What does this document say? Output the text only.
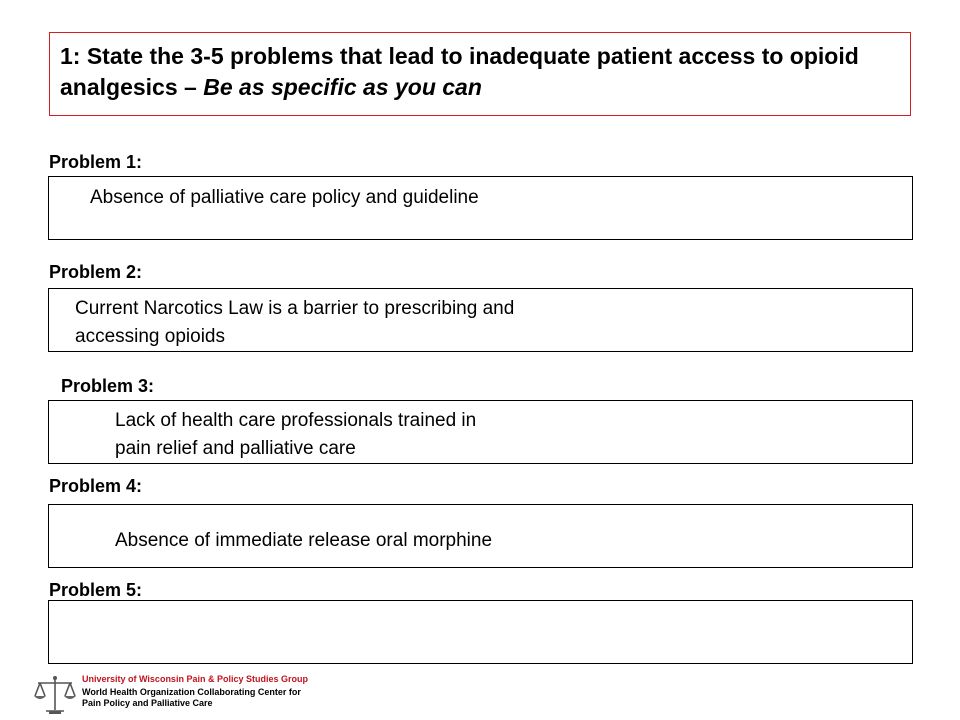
1: State the 3-5 problems that lead to inadequate patient access to opioid analgesics – Be as specific as you can
Problem 1:
Absence of palliative care policy and guideline
Problem 2:
Current Narcotics Law is a barrier to prescribing and
accessing opioids
Problem 3:
Lack of health care professionals trained in
pain relief and palliative care
Problem 4:
Absence of immediate release oral morphine
Problem 5:
University of Wisconsin Pain & Policy Studies Group
World Health Organization Collaborating Center for
Pain Policy and Palliative Care
